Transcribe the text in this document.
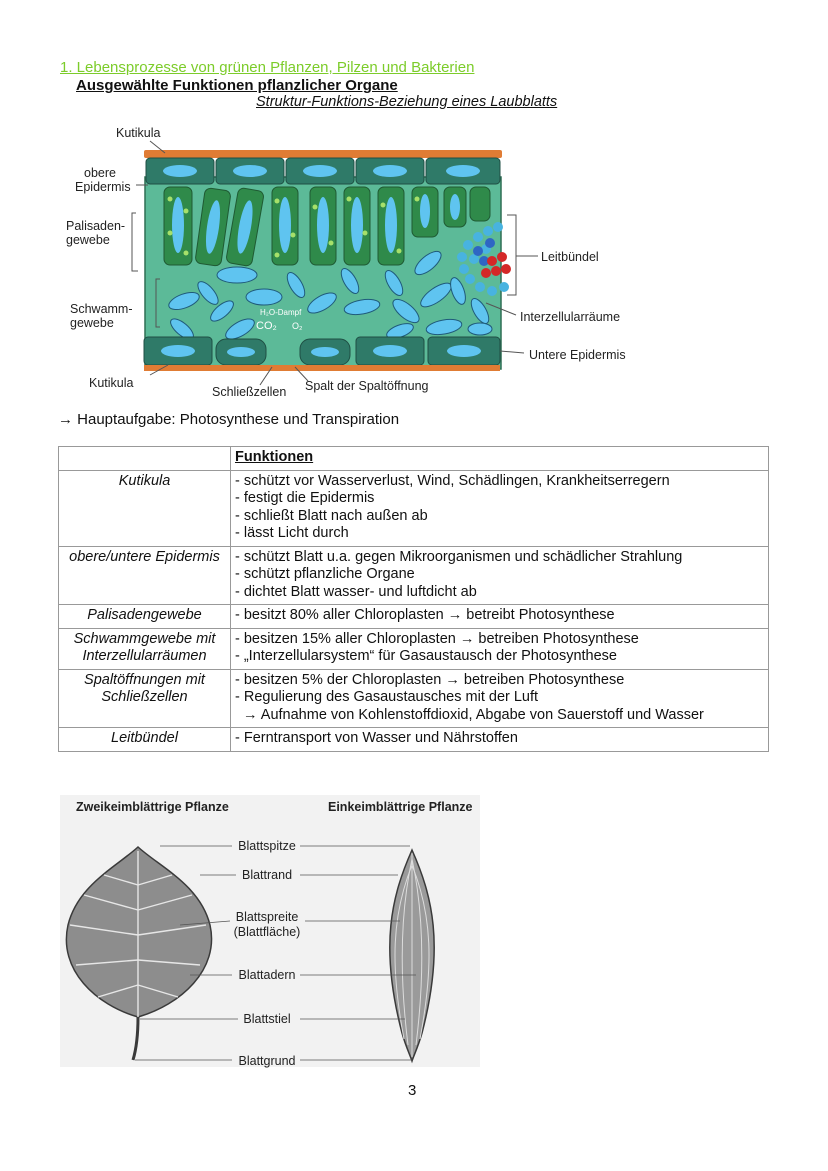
1. Lebensprozesse von grünen Pflanzen, Pilzen und Bakterien
Ausgewählte Funktionen pflanzlicher Organe
Struktur-Funktions-Beziehung eines Laubblatts
H₂O-Dampf
CO₂ O₂
Kutikula
obere
Epidermis
Palisaden-
gewebe
Schwamm-
gewebe
Kutikula
Schließzellen Spalt der Spaltöffnung
Leitbündel
Interzellularräume
Untere Epidermis
→ Hauptaufgabe: Photosynthese und Transpiration
	Funktionen
Kutikula	- schützt vor Wasserverlust, Wind, Schädlingen, Krankheitserregern
- festigt die Epidermis
- schließt Blatt nach außen ab
- lässt Licht durch

obere/untere Epidermis	- schützt Blatt u.a. gegen Mikroorganismen und schädlicher Strahlung
- schützt pflanzliche Organe
- dichtet Blatt wasser- und luftdicht ab

Palisadengewebe	- besitzt 80% aller Chloroplasten → betreibt Photosynthese

Schwammgewebe mit Interzellularräumen	- besitzen 15% aller Chloroplasten → betreiben Photosynthese
- „Interzellularsystem“ für Gasaustausch der Photosynthese

Spaltöffnungen mit Schließzellen	- besitzen 5% der Chloroplasten → betreiben Photosynthese
- Regulierung des Gasaustausches mit der Luft
→ Aufnahme von Kohlenstoffdioxid, Abgabe von Sauerstoff und Wasser

Leitbündel	- Ferntransport von Wasser und Nährstoffen
Zweikeimblättrige Pflanze	Einkeimblättrige Pflanze
Blattspitze
Blattrand
Blattspreite
(Blattfläche)
Blattadern
Blattstiel
Blattgrund
3
